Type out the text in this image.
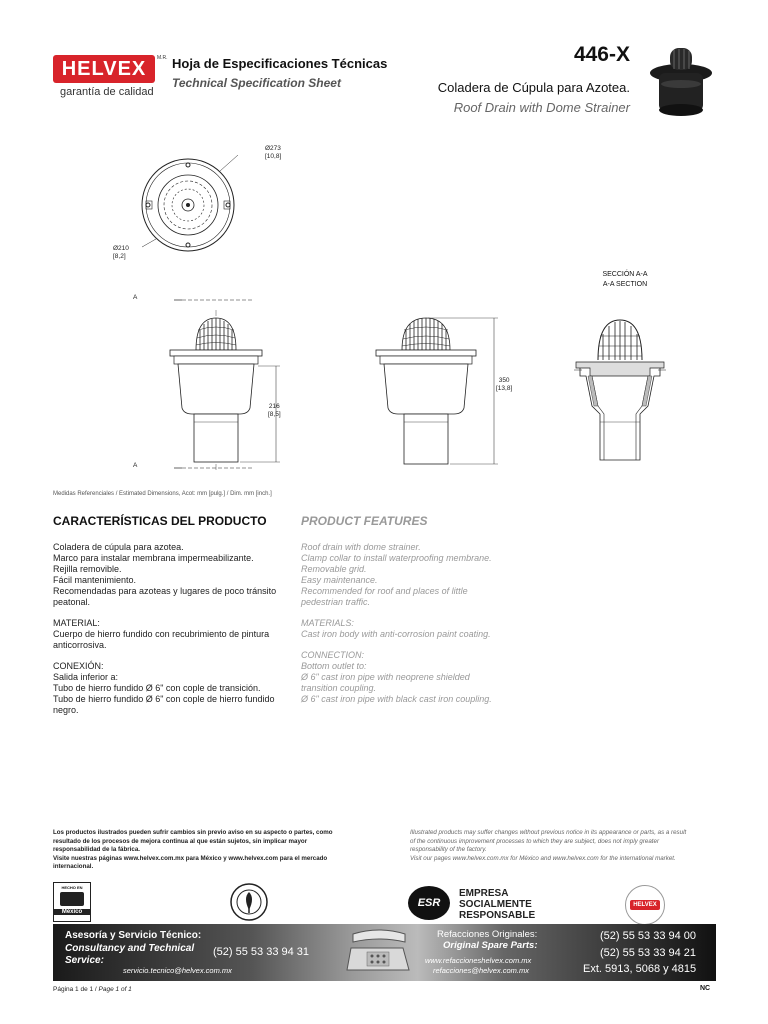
HELVEX M.R.
garantía de calidad
Hoja de Especificaciones Técnicas
Technical Specification Sheet
446-X
Coladera de Cúpula para Azotea.
Roof Drain with Dome Strainer
Ø273
[10,8]
Ø210
[8,2]
SECCIÓN A-A
A-A SECTION
A
A
216
[8,5]
350
[13,8]
Medidas Referenciales / Estimated Dimensions, Acot: mm [pulg.] / Dim. mm [inch.]
CARACTERÍSTICAS DEL PRODUCTO	PRODUCT FEATURES

Coladera de cúpula para azotea.
Marco para instalar membrana impermeabilizante.
Rejilla removible.
Fácil mantenimiento.
Recomendadas para azoteas y lugares de poco tránsito peatonal.

MATERIAL:
Cuerpo de hierro fundido con recubrimiento de pintura anticorrosiva.

CONEXIÓN:
Salida inferior a:
Tubo de hierro fundido Ø 6" con cople de transición.
Tubo de hierro fundido Ø 6" con cople de hierro fundido negro.

Roof drain with dome strainer.
Clamp collar to install waterproofing membrane.
Removable grid.
Easy maintenance.
Recommended for roof and places of little pedestrian traffic.

MATERIALS:
Cast iron body with anti-corrosion paint coating.

CONNECTION:
Bottom outlet to:
Ø 6" cast iron pipe with neoprene shielded transition coupling.
Ø 6" cast iron pipe with black cast iron coupling.

Los productos ilustrados pueden sufrir cambios sin previo aviso en su aspecto o partes, como resultado de los procesos de mejora continua al que están sujetos, sin implicar mayor responsabilidad de la fábrica.
Visite nuestras páginas www.helvex.com.mx para México y www.helvex.com para el mercado internacional.
Illustrated products may suffer changes without previous notice in its appearance or parts, as a result of the continuous improvement processes to which they are subject, does not imply greater responsability of the factory.
Visit our pages www.helvex.com.mx for México and www.helvex.com for the international market.
HECHO EN
México
ESR
EMPRESA
SOCIALMENTE
RESPONSABLE
HELVEX
Asesoría y Servicio Técnico:
Consultancy and Technical
Service:
(52) 55 53 33 94 31
servicio.tecnico@helvex.com.mx
Refacciones Originales:
Original Spare Parts:
www.refaccioneshelvex.com.mx
refacciones@helvex.com.mx
(52) 55 53 33 94 00
(52) 55 53 33 94 21
Ext. 5913, 5068 y 4815
Página 1 de 1 / Page 1 of 1	NC
